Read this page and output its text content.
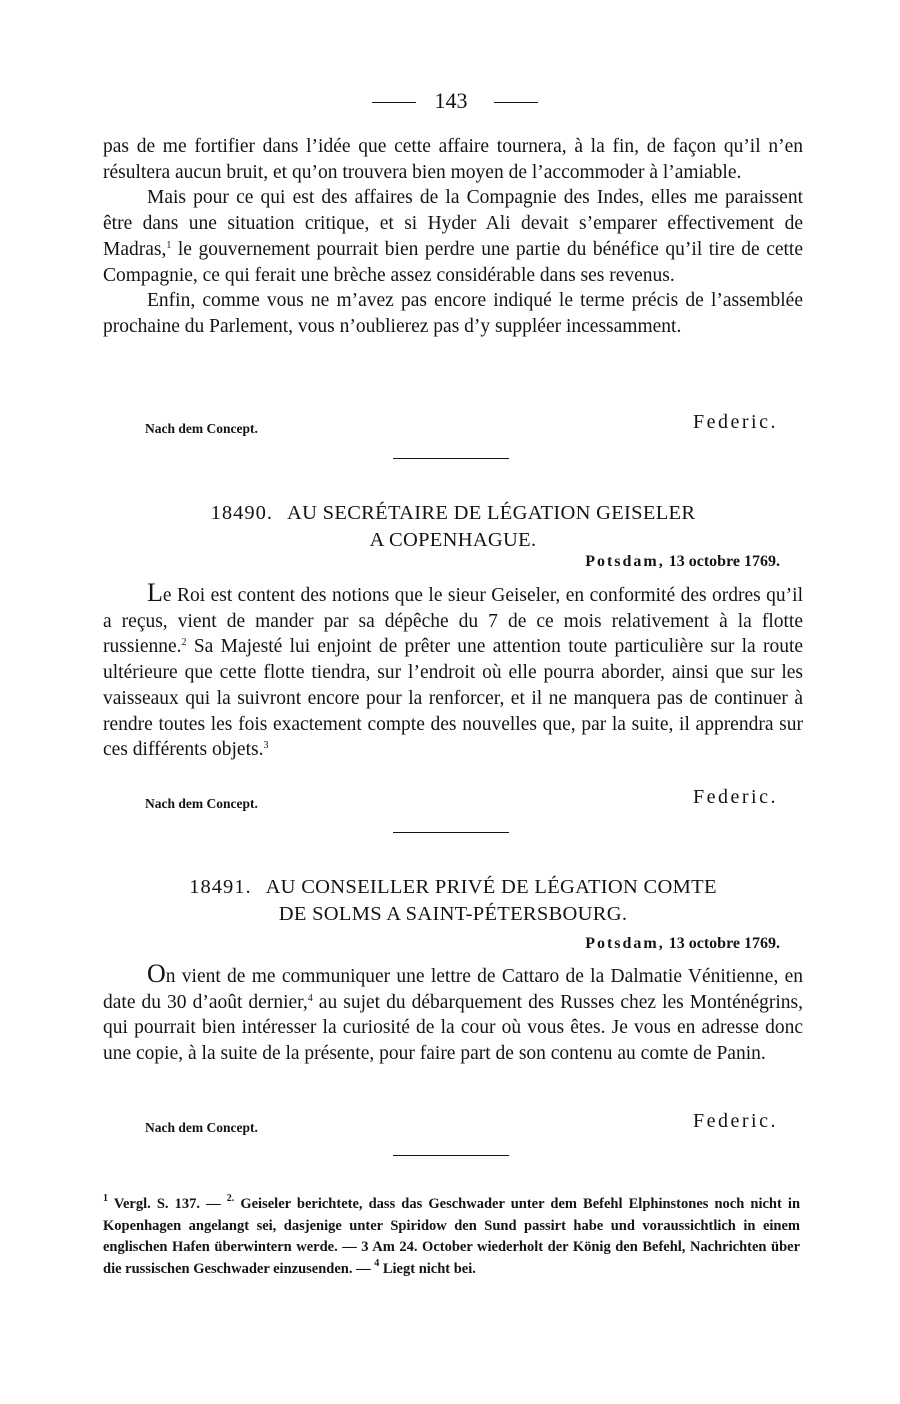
143

pas de me fortifier dans l’idée que cette affaire tournera, à la fin, de façon qu’il n’en résultera aucun bruit, et qu’on trouvera bien moyen de l’accommoder à l’amiable.

Mais pour ce qui est des affaires de la Compagnie des Indes, elles me paraissent être dans une situation critique, et si Hyder Ali devait s’emparer effectivement de Madras,$^1$ le gouvernement pourrait bien perdre une partie du bénéfice qu’il tire de cette Compagnie, ce qui ferait une brèche assez considérable dans ses revenus.

Enfin, comme vous ne m’avez pas encore indiqué le terme précis de l’assemblée prochaine du Parlement, vous n’oublierez pas d’y suppléer incessamment.

Nach dem Concept.	Federic.
18490. AU SECRÉTAIRE DE LÉGATION GEISELER
A COPENHAGUE.
Potsdam, 13 octobre 1769.

Le Roi est content des notions que le sieur Geiseler, en conformité des ordres qu’il a reçus, vient de mander par sa dépêche du 7 de ce mois relativement à la flotte russienne.$^2$ Sa Majesté lui enjoint de prêter une attention toute particulière sur la route ultérieure que cette flotte tiendra, sur l’endroit où elle pourra aborder, ainsi que sur les vaisseaux qui la suivront encore pour la renforcer, et il ne manquera pas de continuer à rendre toutes les fois exactement compte des nouvelles que, par la suite, il apprendra sur ces différents objets.$^3$

Nach dem Concept.	Federic.
18491. AU CONSEILLER PRIVÉ DE LÉGATION COMTE
DE SOLMS A SAINT-PÉTERSBOURG.
Potsdam, 13 octobre 1769.

On vient de me communiquer une lettre de Cattaro de la Dalmatie Vénitienne, en date du 30 d’août dernier,$^4$ au sujet du débarquement des Russes chez les Monténégrins, qui pourrait bien intéresser la curiosité de la cour où vous êtes. Je vous en adresse donc une copie, à la suite de la présente, pour faire part de son contenu au comte de Panin.

Nach dem Concept.	Federic.
$^1$ Vergl. S. 137. — $^{2.}$ Geiseler berichtete, dass das Geschwader unter dem Befehl Elphinstones noch nicht in Kopenhagen angelangt sei, dasjenige unter Spiridow den Sund passirt habe und voraussichtlich in einem englischen Hafen überwintern werde. — 3 Am 24. October wiederholt der König den Befehl, Nachrichten über die russischen Geschwader einzusenden. — $^4$ Liegt nicht bei.
